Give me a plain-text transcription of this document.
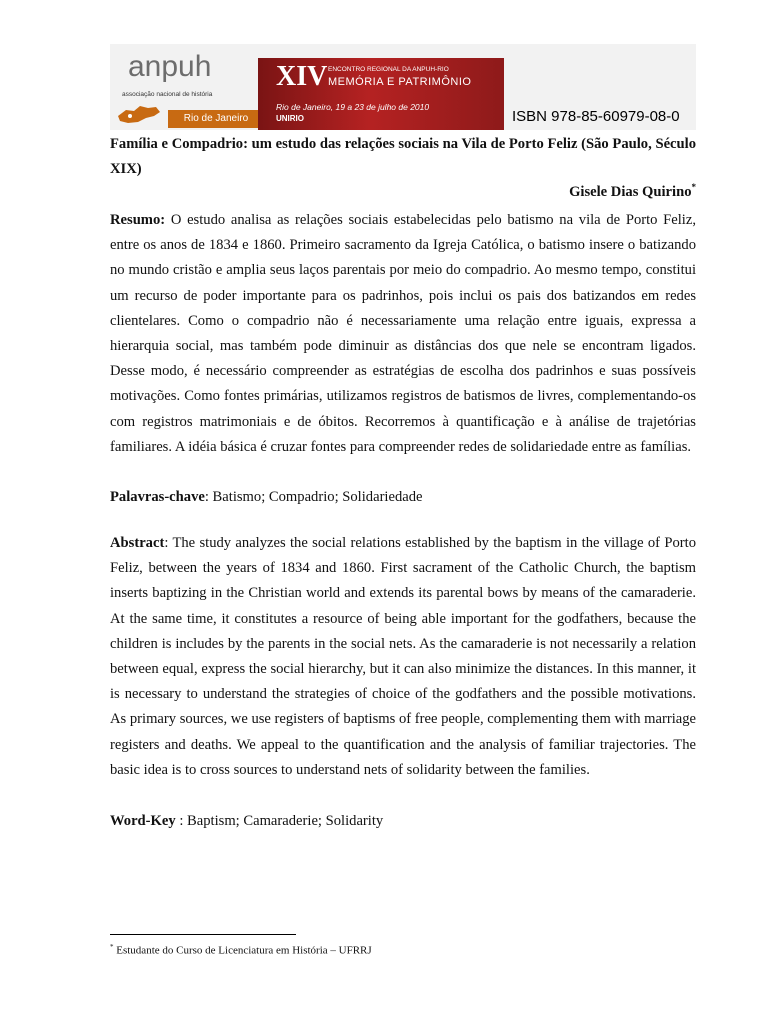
anpuh
associação nacional de história
Rio de Janeiro
XIV ENCONTRO REGIONAL DA ANPUH-RIO
MEMÓRIA E PATRIMÔNIO
Rio de Janeiro, 19 a 23 de julho de 2010
UNIRIO	ISBN 978-85-60979-08-0
Família e Compadrio: um estudo das relações sociais na Vila de Porto Feliz (São Paulo, Século XIX)
Gisele Dias Quirino*
Resumo: O estudo analisa as relações sociais estabelecidas pelo batismo na vila de Porto Feliz, entre os anos de 1834 e 1860. Primeiro sacramento da Igreja Católica, o batismo insere o batizando no mundo cristão e amplia seus laços parentais por meio do compadrio. Ao mesmo tempo, constitui um recurso de poder importante para os padrinhos, pois inclui os pais dos batizandos em redes clientelares. Como o compadrio não é necessariamente uma relação entre iguais, expressa a hierarquia social, mas também pode diminuir as distâncias dos que nele se encontram ligados. Desse modo, é necessário compreender as estratégias de escolha dos padrinhos e suas possíveis motivações. Como fontes primárias, utilizamos registros de batismos de livres, complementando-os com registros matrimoniais e de óbitos. Recorremos à quantificação e à análise de trajetórias familiares. A idéia básica é cruzar fontes para compreender redes de solidariedade entre as famílias.
Palavras-chave: Batismo; Compadrio; Solidariedade
Abstract: The study analyzes the social relations established by the baptism in the village of Porto Feliz, between the years of 1834 and 1860. First sacrament of the Catholic Church, the baptism inserts baptizing in the Christian world and extends its parental bows by means of the camaraderie. At the same time, it constitutes a resource of being able important for the godfathers, because the children is includes by the parents in the social nets. As the camaraderie is not necessarily a relation between equal, express the social hierarchy, but it can also minimize the distances. In this manner, it is necessary to understand the strategies of choice of the godfathers and the possible motivations. As primary sources, we use registers of baptisms of free people, complementing them with marriage registers and deaths. We appeal to the quantification and the analysis of familiar trajectories. The basic idea is to cross sources to understand nets of solidarity between the families.
Word-Key : Baptism; Camaraderie; Solidarity
* Estudante do Curso de Licenciatura em História – UFRRJ
